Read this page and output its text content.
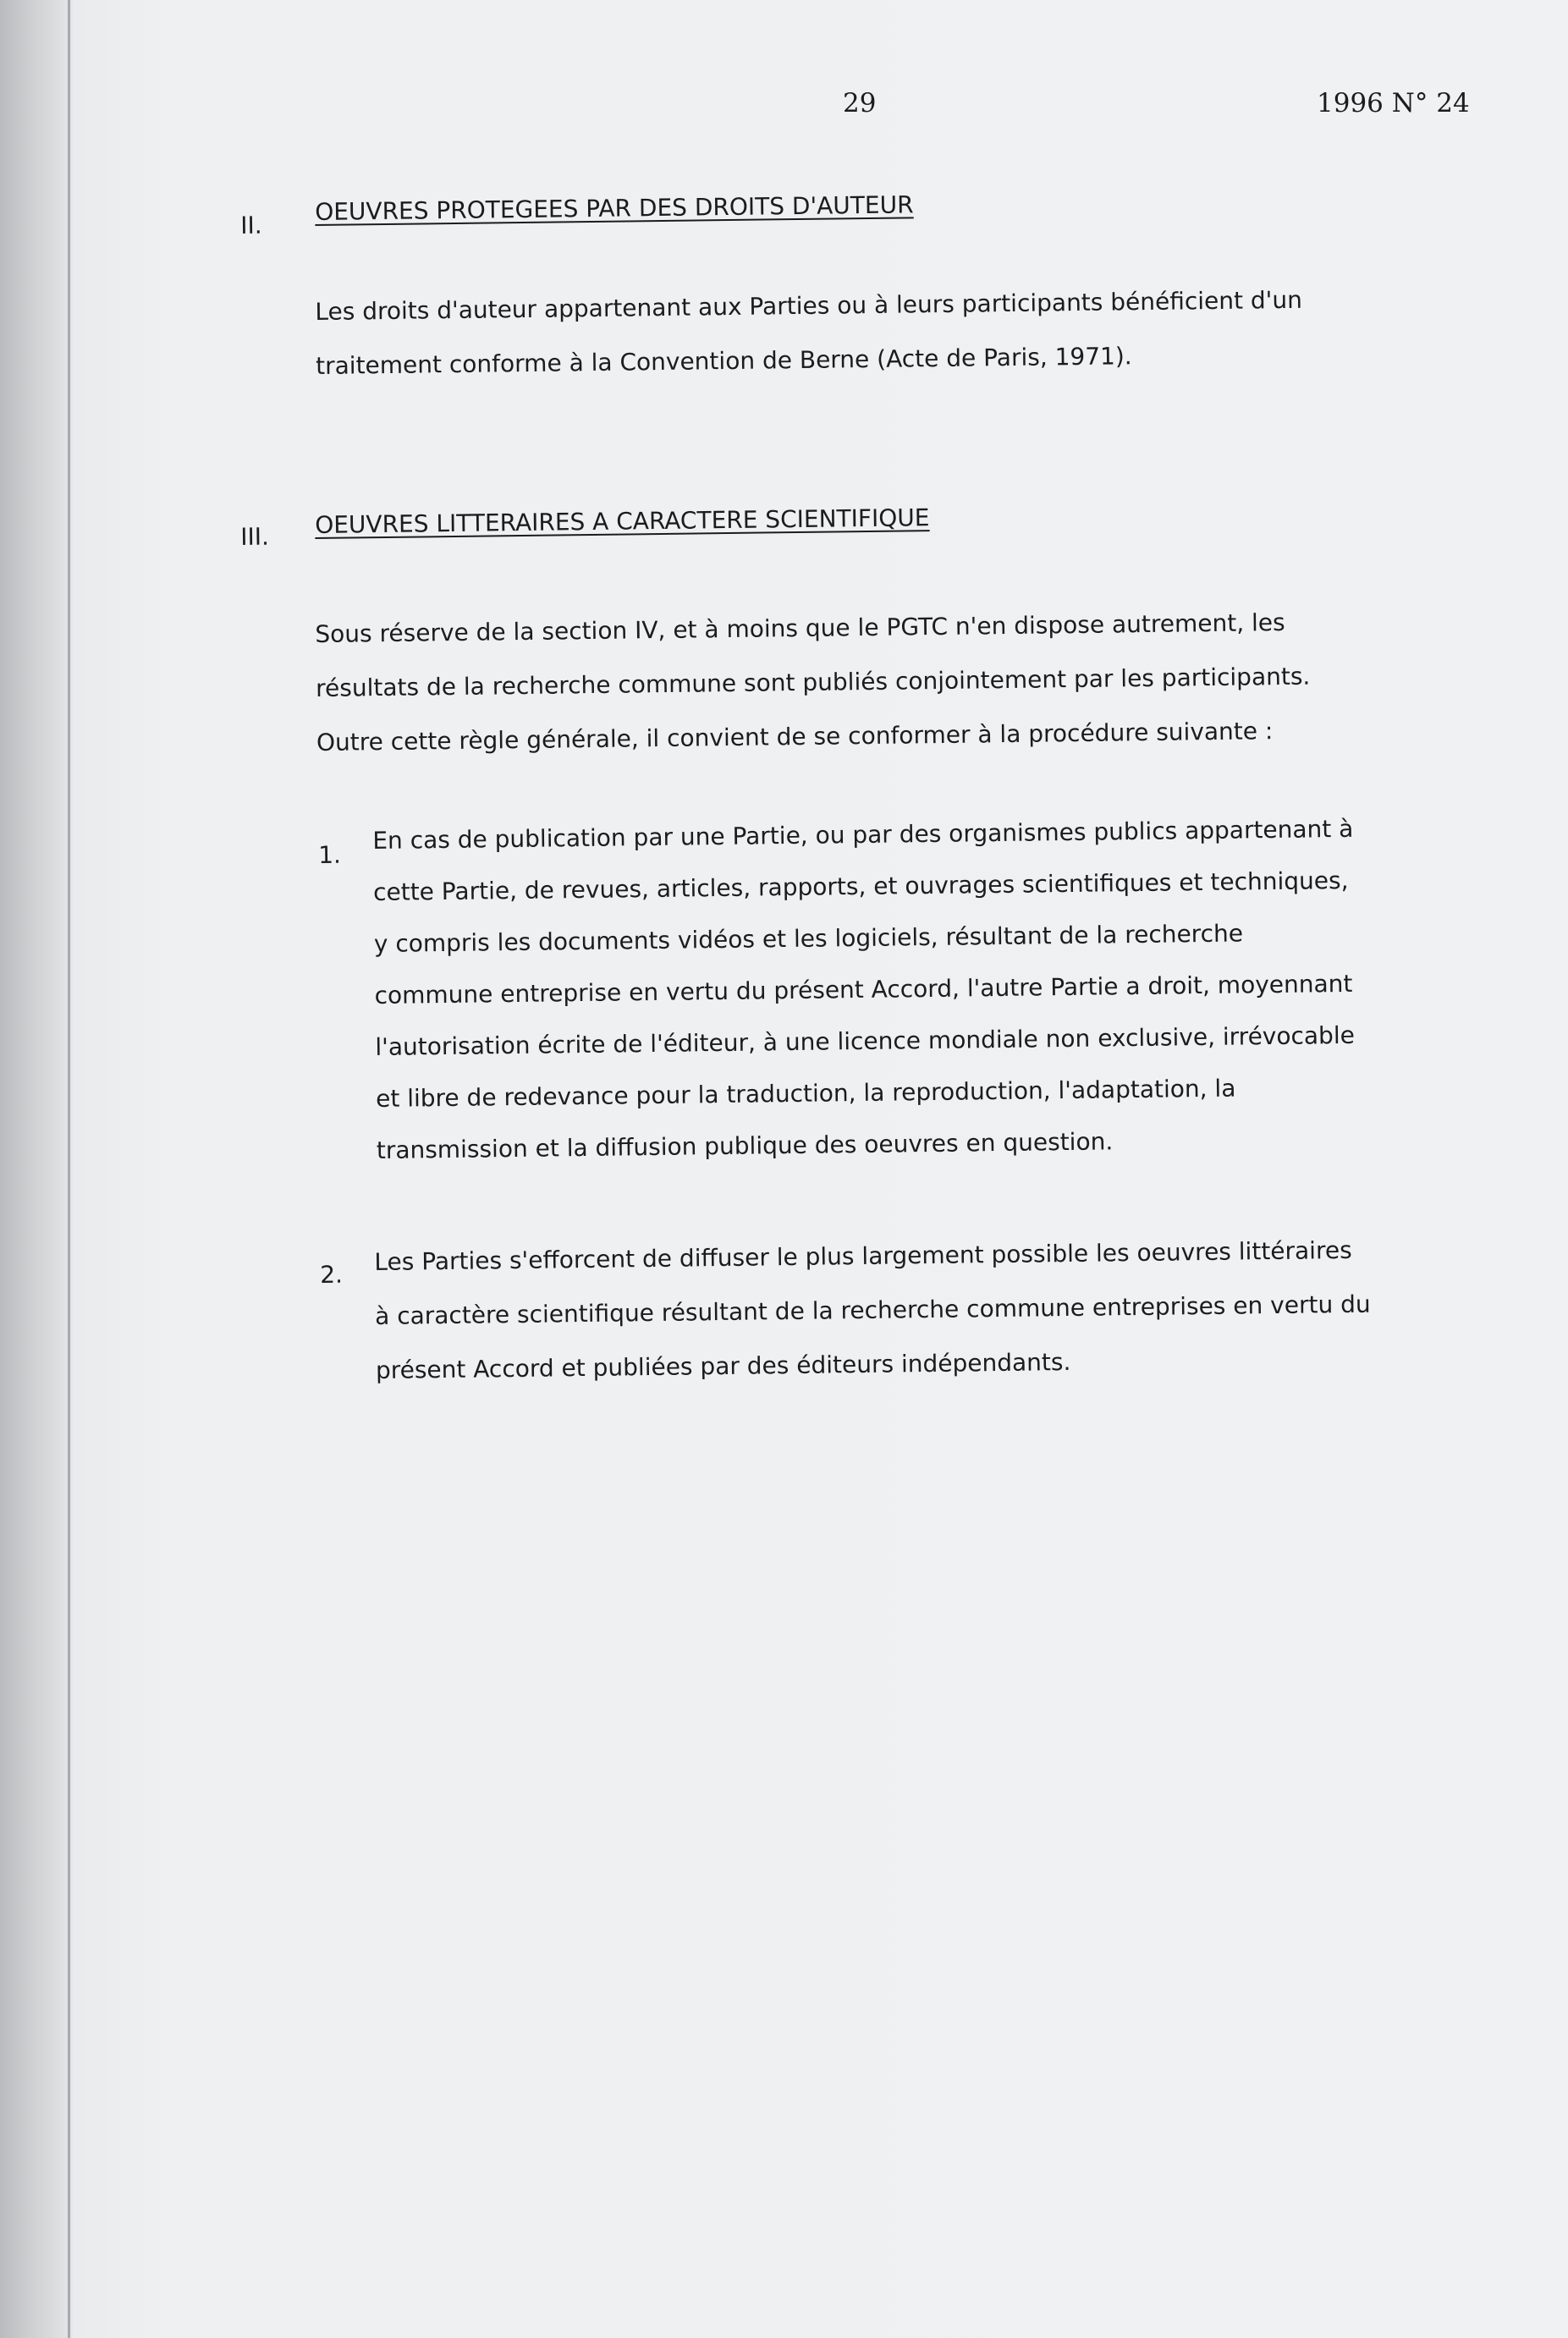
29	1996 N° 24
II. OEUVRES PROTEGEES PAR DES DROITS D'AUTEUR
Les droits d'auteur appartenant aux Parties ou à leurs participants bénéficient d'un
traitement conforme à la Convention de Berne (Acte de Paris, 1971).
III. OEUVRES LITTERAIRES A CARACTERE SCIENTIFIQUE
Sous réserve de la section IV, et à moins que le PGTC n'en dispose autrement, les
résultats de la recherche commune sont publiés conjointement par les participants.
Outre cette règle générale, il convient de se conformer à la procédure suivante :
1.
En cas de publication par une Partie, ou par des organismes publics appartenant à
cette Partie, de revues, articles, rapports, et ouvrages scientifiques et techniques,
y compris les documents vidéos et les logiciels, résultant de la recherche
commune entreprise en vertu du présent Accord, l'autre Partie a droit, moyennant
l'autorisation écrite de l'éditeur, à une licence mondiale non exclusive, irrévocable
et libre de redevance pour la traduction, la reproduction, l'adaptation, la
transmission et la diffusion publique des oeuvres en question.
2. Les Parties s'efforcent de diffuser le plus largement possible les oeuvres littéraires
à caractère scientifique résultant de la recherche commune entreprises en vertu du
présent Accord et publiées par des éditeurs indépendants.
